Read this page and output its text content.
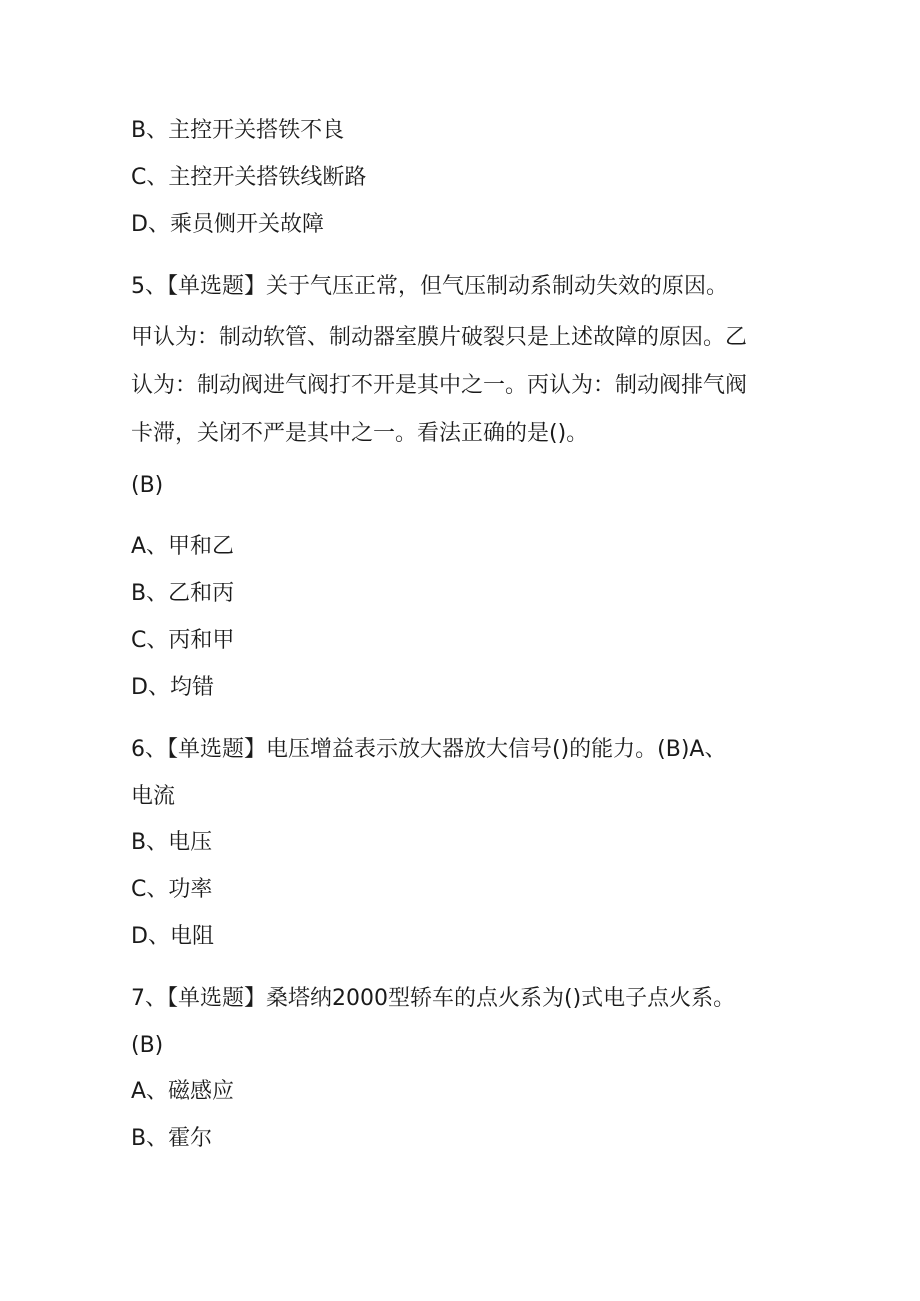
B、主控开关搭铁不良

C、主控开关搭铁线断路

D、乘员侧开关故障

5、【单选题】关于气压正常，但气压制动系制动失效的原因。

甲认为：制动软管、制动器室膜片破裂只是上述故障的原因。乙

认为：制动阀进气阀打不开是其中之一。丙认为：制动阀排气阀

卡滞，关闭不严是其中之一。看法正确的是()。

(B)

A、甲和乙

B、乙和丙

C、丙和甲

D、均错

6、【单选题】电压增益表示放大器放大信号()的能力。(B)A、

电流

B、电压

C、功率

D、电阻

7、【单选题】桑塔纳2000型轿车的点火系为()式电子点火系。

(B)

A、磁感应

B、霍尔
